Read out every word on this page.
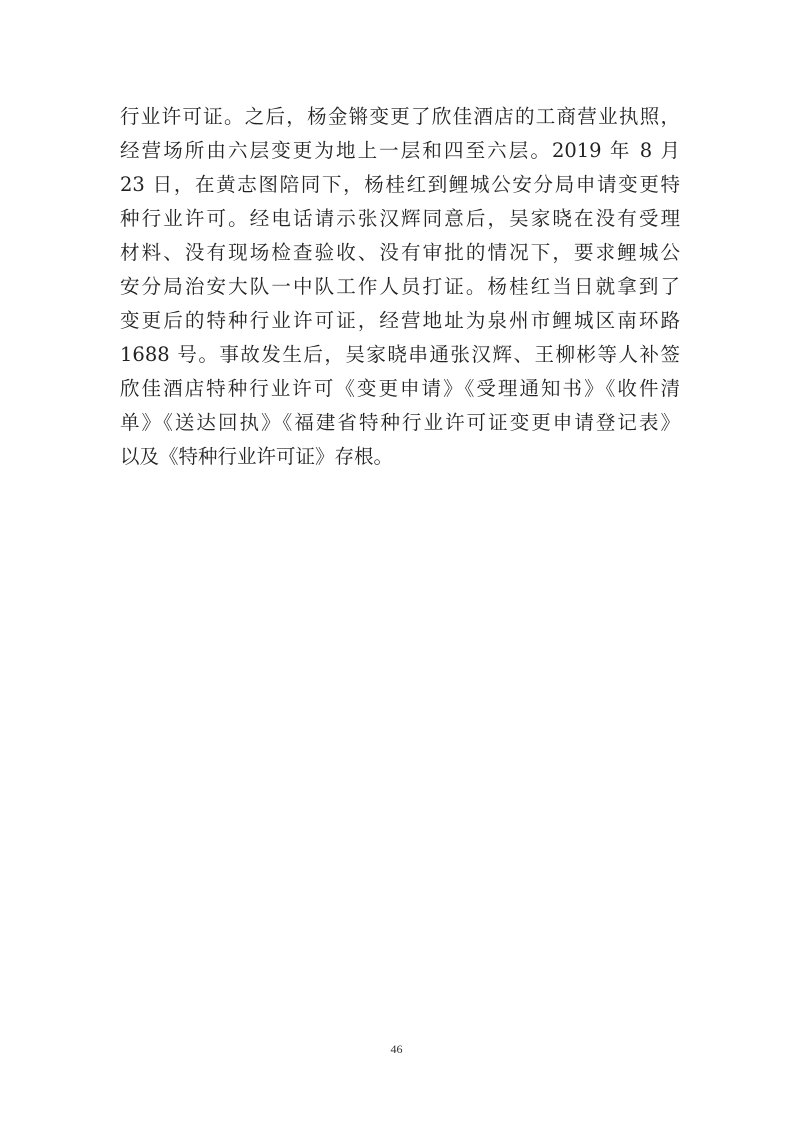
行业许可证。之后，杨金锵变更了欣佳酒店的工商营业执照，
经营场所由六层变更为地上一层和四至六层。2019 年 8 月
23 日，在黄志图陪同下，杨桂红到鲤城公安分局申请变更特
种行业许可。经电话请示张汉辉同意后，吴家晓在没有受理
材料、没有现场检查验收、没有审批的情况下，要求鲤城公
安分局治安大队一中队工作人员打证。杨桂红当日就拿到了
变更后的特种行业许可证，经营地址为泉州市鲤城区南环路
1688 号。事故发生后，吴家晓串通张汉辉、王柳彬等人补签
欣佳酒店特种行业许可《变更申请》《受理通知书》《收件清
单》《送达回执》《福建省特种行业许可证变更申请登记表》
以及《特种行业许可证》存根。
46
